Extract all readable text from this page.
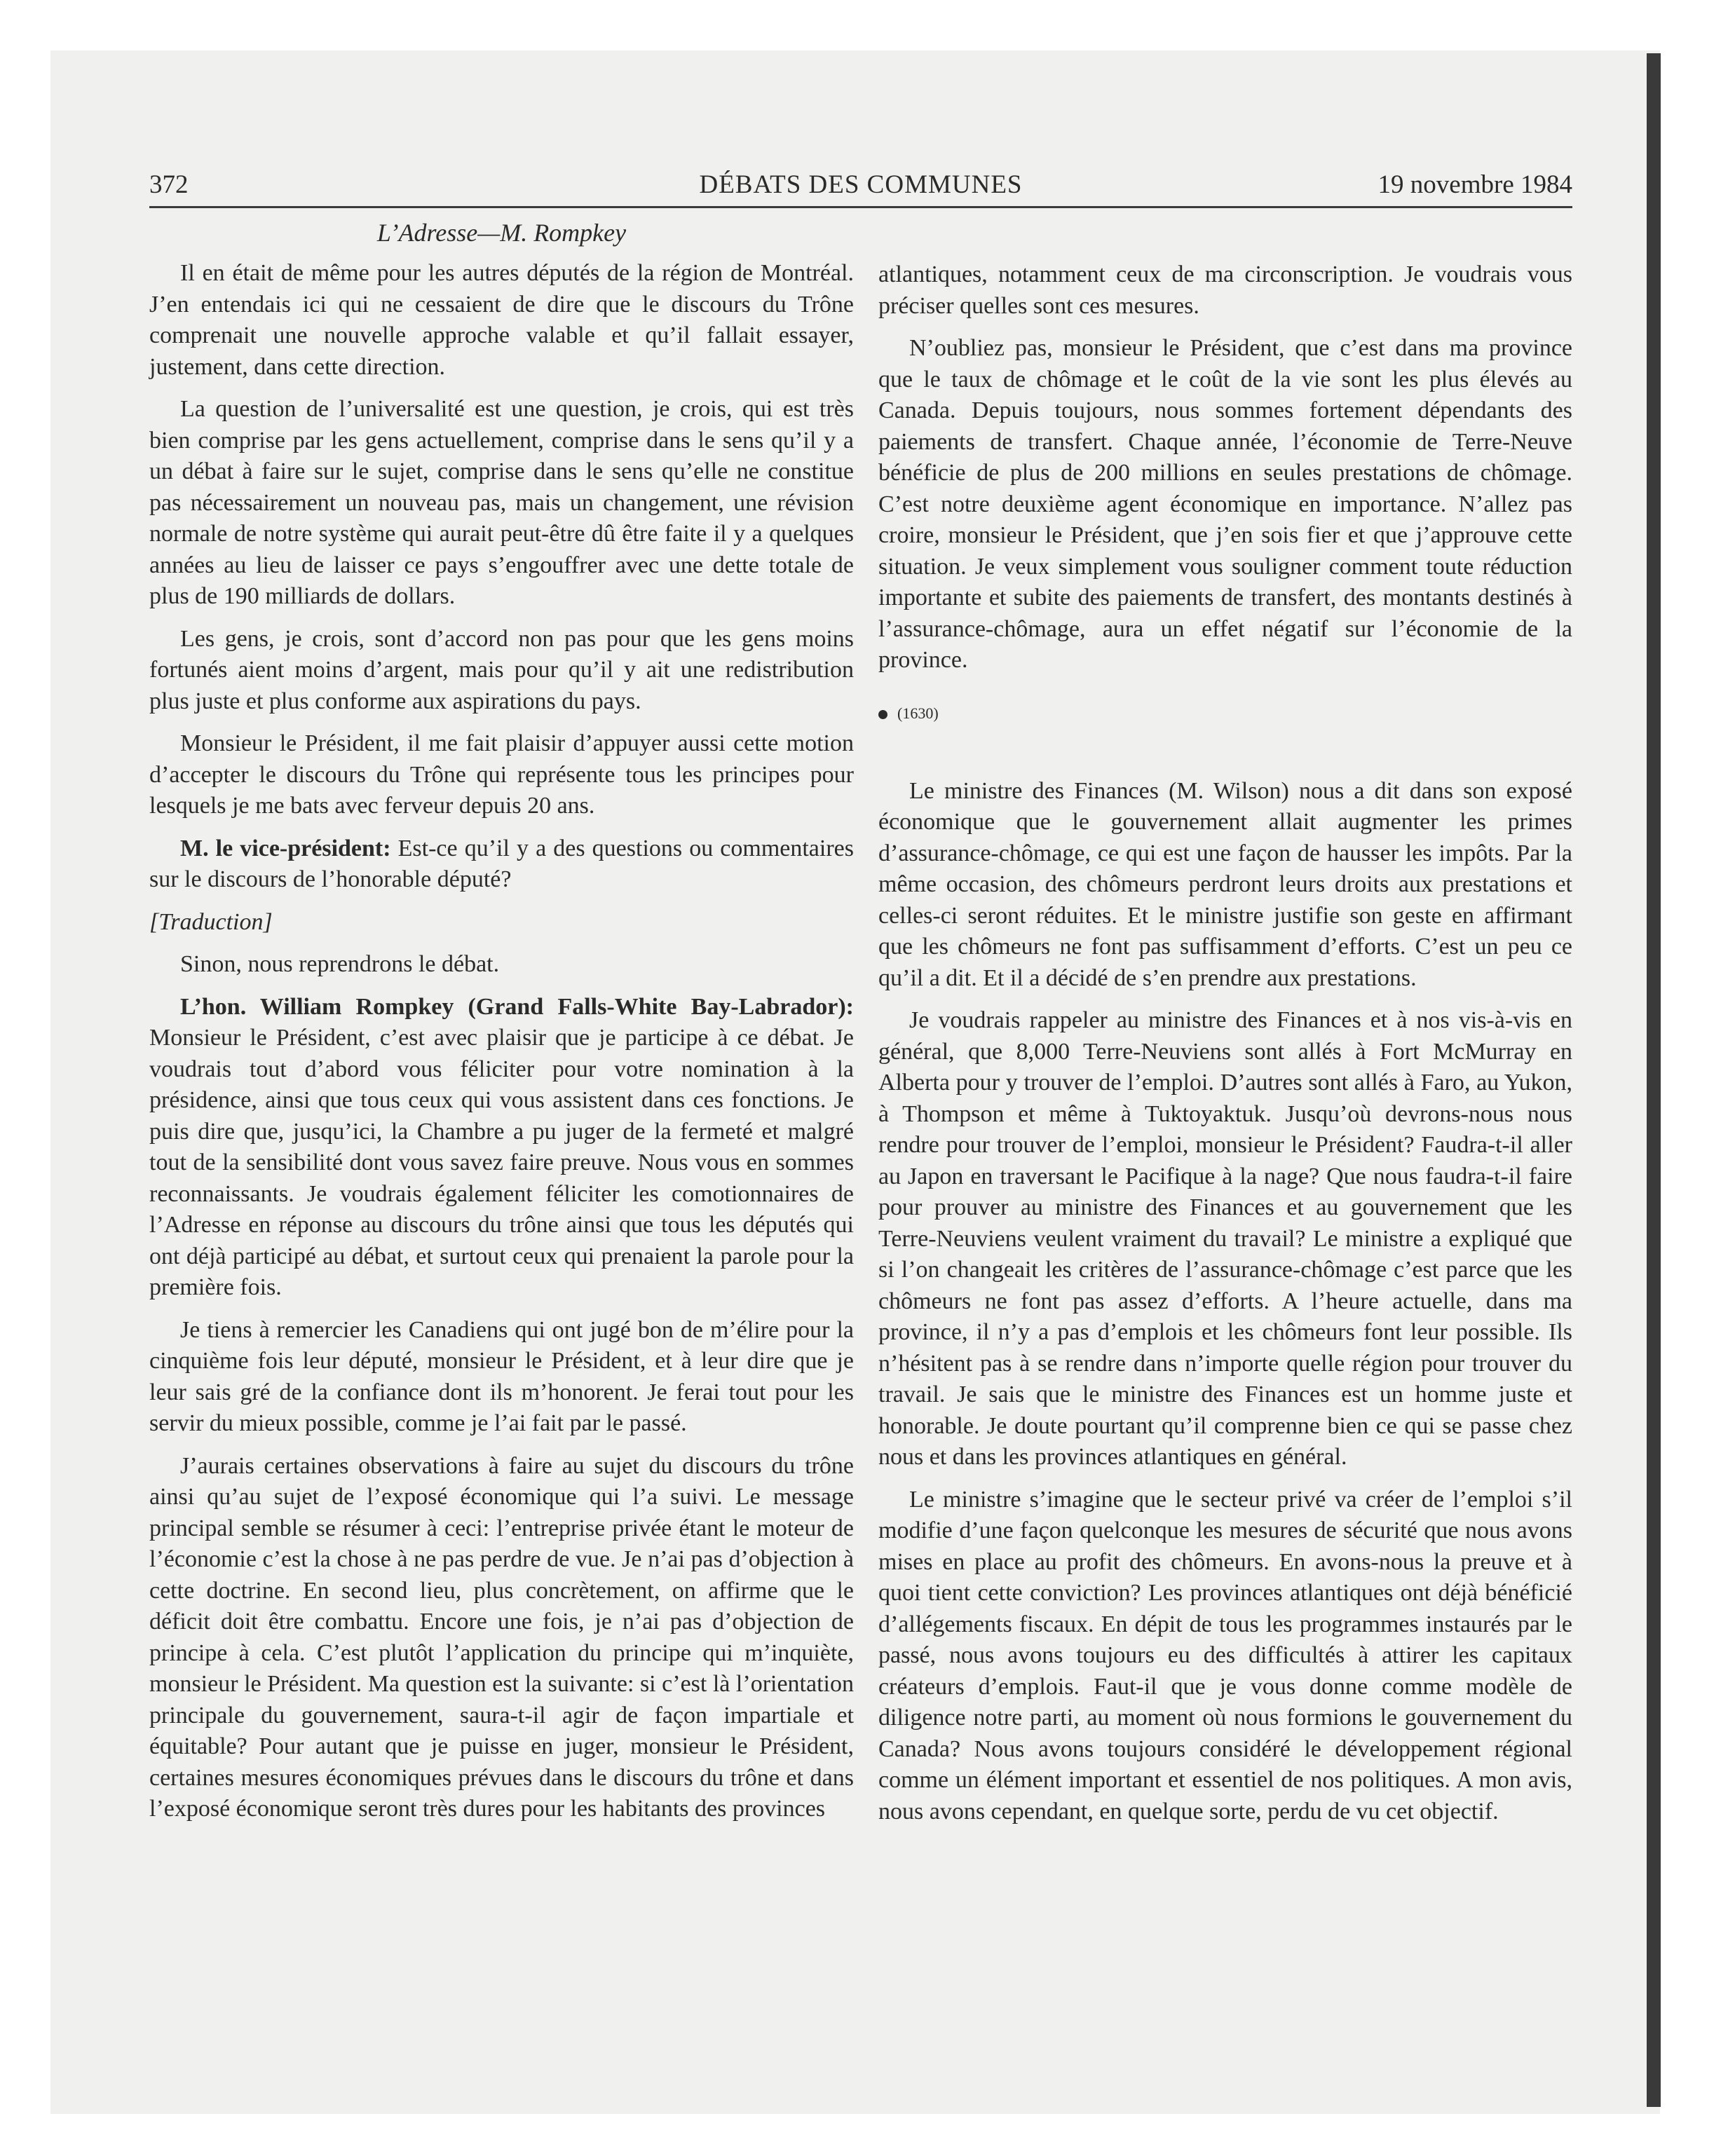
372	DÉBATS DES COMMUNES	19 novembre 1984
L’Adresse—M. Rompkey

Il en était de même pour les autres députés de la région de Montréal. J’en entendais ici qui ne cessaient de dire que le discours du Trône comprenait une nouvelle approche valable et qu’il fallait essayer, justement, dans cette direction.

La question de l’universalité est une question, je crois, qui est très bien comprise par les gens actuellement, comprise dans le sens qu’il y a un débat à faire sur le sujet, comprise dans le sens qu’elle ne constitue pas nécessairement un nouveau pas, mais un changement, une révision normale de notre système qui aurait peut-être dû être faite il y a quelques années au lieu de laisser ce pays s’engouffrer avec une dette totale de plus de 190 milliards de dollars.

Les gens, je crois, sont d’accord non pas pour que les gens moins fortunés aient moins d’argent, mais pour qu’il y ait une redistribution plus juste et plus conforme aux aspirations du pays.

Monsieur le Président, il me fait plaisir d’appuyer aussi cette motion d’accepter le discours du Trône qui représente tous les principes pour lesquels je me bats avec ferveur depuis 20 ans.

M. le vice-président: Est-ce qu’il y a des questions ou commentaires sur le discours de l’honorable député?

[Traduction]

Sinon, nous reprendrons le débat.

L’hon. William Rompkey (Grand Falls-White Bay-Labrador): Monsieur le Président, c’est avec plaisir que je participe à ce débat. Je voudrais tout d’abord vous féliciter pour votre nomination à la présidence, ainsi que tous ceux qui vous assistent dans ces fonctions. Je puis dire que, jusqu’ici, la Chambre a pu juger de la fermeté et malgré tout de la sensibilité dont vous savez faire preuve. Nous vous en sommes reconnaissants. Je voudrais également féliciter les comotionnaires de l’Adresse en réponse au discours du trône ainsi que tous les députés qui ont déjà participé au débat, et surtout ceux qui prenaient la parole pour la première fois.

Je tiens à remercier les Canadiens qui ont jugé bon de m’élire pour la cinquième fois leur député, monsieur le Président, et à leur dire que je leur sais gré de la confiance dont ils m’honorent. Je ferai tout pour les servir du mieux possible, comme je l’ai fait par le passé.

J’aurais certaines observations à faire au sujet du discours du trône ainsi qu’au sujet de l’exposé économique qui l’a suivi. Le message principal semble se résumer à ceci: l’entreprise privée étant le moteur de l’économie c’est la chose à ne pas perdre de vue. Je n’ai pas d’objection à cette doctrine. En second lieu, plus concrètement, on affirme que le déficit doit être combattu. Encore une fois, je n’ai pas d’objection de principe à cela. C’est plutôt l’application du principe qui m’inquiète, monsieur le Président. Ma question est la suivante: si c’est là l’orientation principale du gouvernement, saura-t-il agir de façon impartiale et équitable? Pour autant que je puisse en juger, monsieur le Président, certaines mesures économiques prévues dans le discours du trône et dans l’exposé économique seront très dures pour les habitants des provinces

atlantiques, notamment ceux de ma circonscription. Je voudrais vous préciser quelles sont ces mesures.

N’oubliez pas, monsieur le Président, que c’est dans ma province que le taux de chômage et le coût de la vie sont les plus élevés au Canada. Depuis toujours, nous sommes fortement dépendants des paiements de transfert. Chaque année, l’économie de Terre-Neuve bénéficie de plus de 200 millions en seules prestations de chômage. C’est notre deuxième agent économique en importance. N’allez pas croire, monsieur le Président, que j’en sois fier et que j’approuve cette situation. Je veux simplement vous souligner comment toute réduction importante et subite des paiements de transfert, des montants destinés à l’assurance-chômage, aura un effet négatif sur l’économie de la province.

(1630)

Le ministre des Finances (M. Wilson) nous a dit dans son exposé économique que le gouvernement allait augmenter les primes d’assurance-chômage, ce qui est une façon de hausser les impôts. Par la même occasion, des chômeurs perdront leurs droits aux prestations et celles-ci seront réduites. Et le ministre justifie son geste en affirmant que les chômeurs ne font pas suffisamment d’efforts. C’est un peu ce qu’il a dit. Et il a décidé de s’en prendre aux prestations.

Je voudrais rappeler au ministre des Finances et à nos vis-à-vis en général, que 8,000 Terre-Neuviens sont allés à Fort McMurray en Alberta pour y trouver de l’emploi. D’autres sont allés à Faro, au Yukon, à Thompson et même à Tuktoyaktuk. Jusqu’où devrons-nous nous rendre pour trouver de l’emploi, monsieur le Président? Faudra-t-il aller au Japon en traversant le Pacifique à la nage? Que nous faudra-t-il faire pour prouver au ministre des Finances et au gouvernement que les Terre-Neuviens veulent vraiment du travail? Le ministre a expliqué que si l’on changeait les critères de l’assurance-chômage c’est parce que les chômeurs ne font pas assez d’efforts. A l’heure actuelle, dans ma province, il n’y a pas d’emplois et les chômeurs font leur possible. Ils n’hésitent pas à se rendre dans n’importe quelle région pour trouver du travail. Je sais que le ministre des Finances est un homme juste et honorable. Je doute pourtant qu’il comprenne bien ce qui se passe chez nous et dans les provinces atlantiques en général.

Le ministre s’imagine que le secteur privé va créer de l’emploi s’il modifie d’une façon quelconque les mesures de sécurité que nous avons mises en place au profit des chômeurs. En avons-nous la preuve et à quoi tient cette conviction? Les provinces atlantiques ont déjà bénéficié d’allégements fiscaux. En dépit de tous les programmes instaurés par le passé, nous avons toujours eu des difficultés à attirer les capitaux créateurs d’emplois. Faut-il que je vous donne comme modèle de diligence notre parti, au moment où nous formions le gouvernement du Canada? Nous avons toujours considéré le développement régional comme un élément important et essentiel de nos politiques. A mon avis, nous avons cependant, en quelque sorte, perdu de vu cet objectif.
